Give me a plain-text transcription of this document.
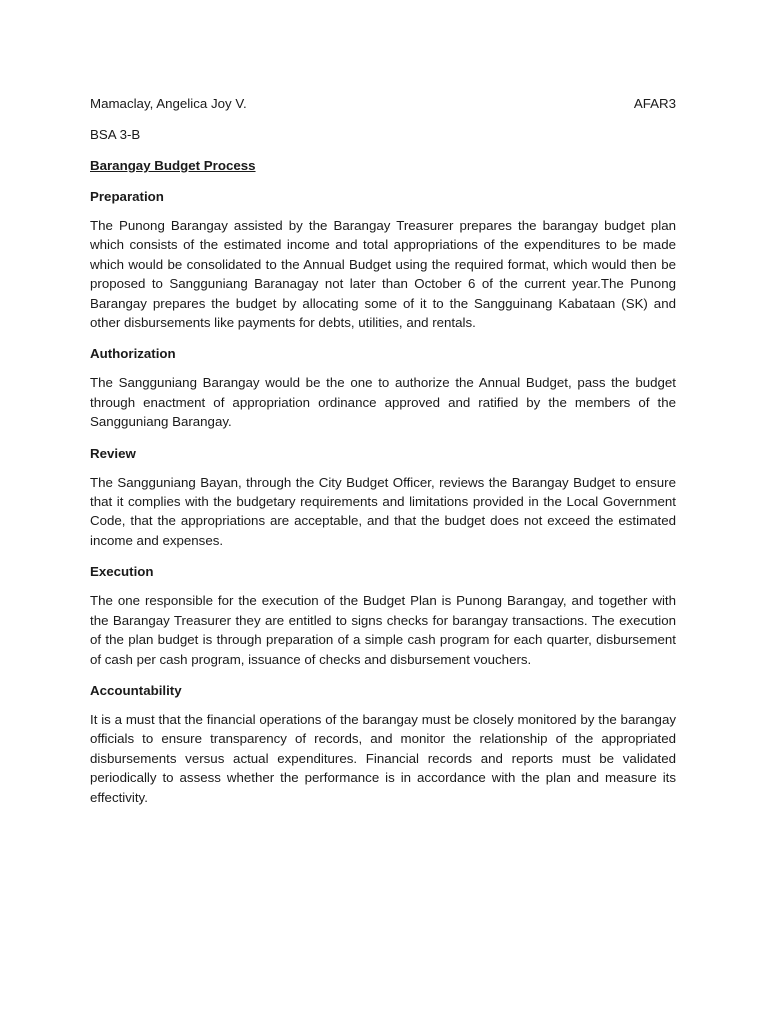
Mamaclay, Angelica Joy V.	AFAR3
BSA 3-B
Barangay Budget Process
Preparation

The Punong Barangay assisted by the Barangay Treasurer prepares the barangay budget plan which consists of the estimated income and total appropriations of the expenditures to be made which would be consolidated to the Annual Budget using the required format, which would then be proposed to Sangguniang Baranagay not later than October 6 of the current year.The Punong Barangay prepares the budget by allocating some of it to the Sangguinang Kabataan (SK) and other disbursements like payments for debts, utilities, and rentals.

Authorization

The Sangguniang Barangay would be the one to authorize the Annual Budget, pass the budget through enactment of appropriation ordinance approved and ratified by the members of the Sangguniang Barangay.

Review

The Sangguniang Bayan, through the City Budget Officer, reviews the Barangay Budget to ensure that it complies with the budgetary requirements and limitations provided in the Local Government Code, that the appropriations are acceptable, and that the budget does not exceed the estimated income and expenses.

Execution

The one responsible for the execution of the Budget Plan is Punong Barangay, and together with the Barangay Treasurer they are entitled to signs checks for barangay transactions. The execution of the plan budget is through preparation of a simple cash program for each quarter, disbursement of cash per cash program, issuance of checks and disbursement vouchers.

Accountability

It is a must that the financial operations of the barangay must be closely monitored by the barangay officials to ensure transparency of records, and monitor the relationship of the appropriated disbursements versus actual expenditures. Financial records and reports must be validated periodically to assess whether the performance is in accordance with the plan and measure its effectivity.
